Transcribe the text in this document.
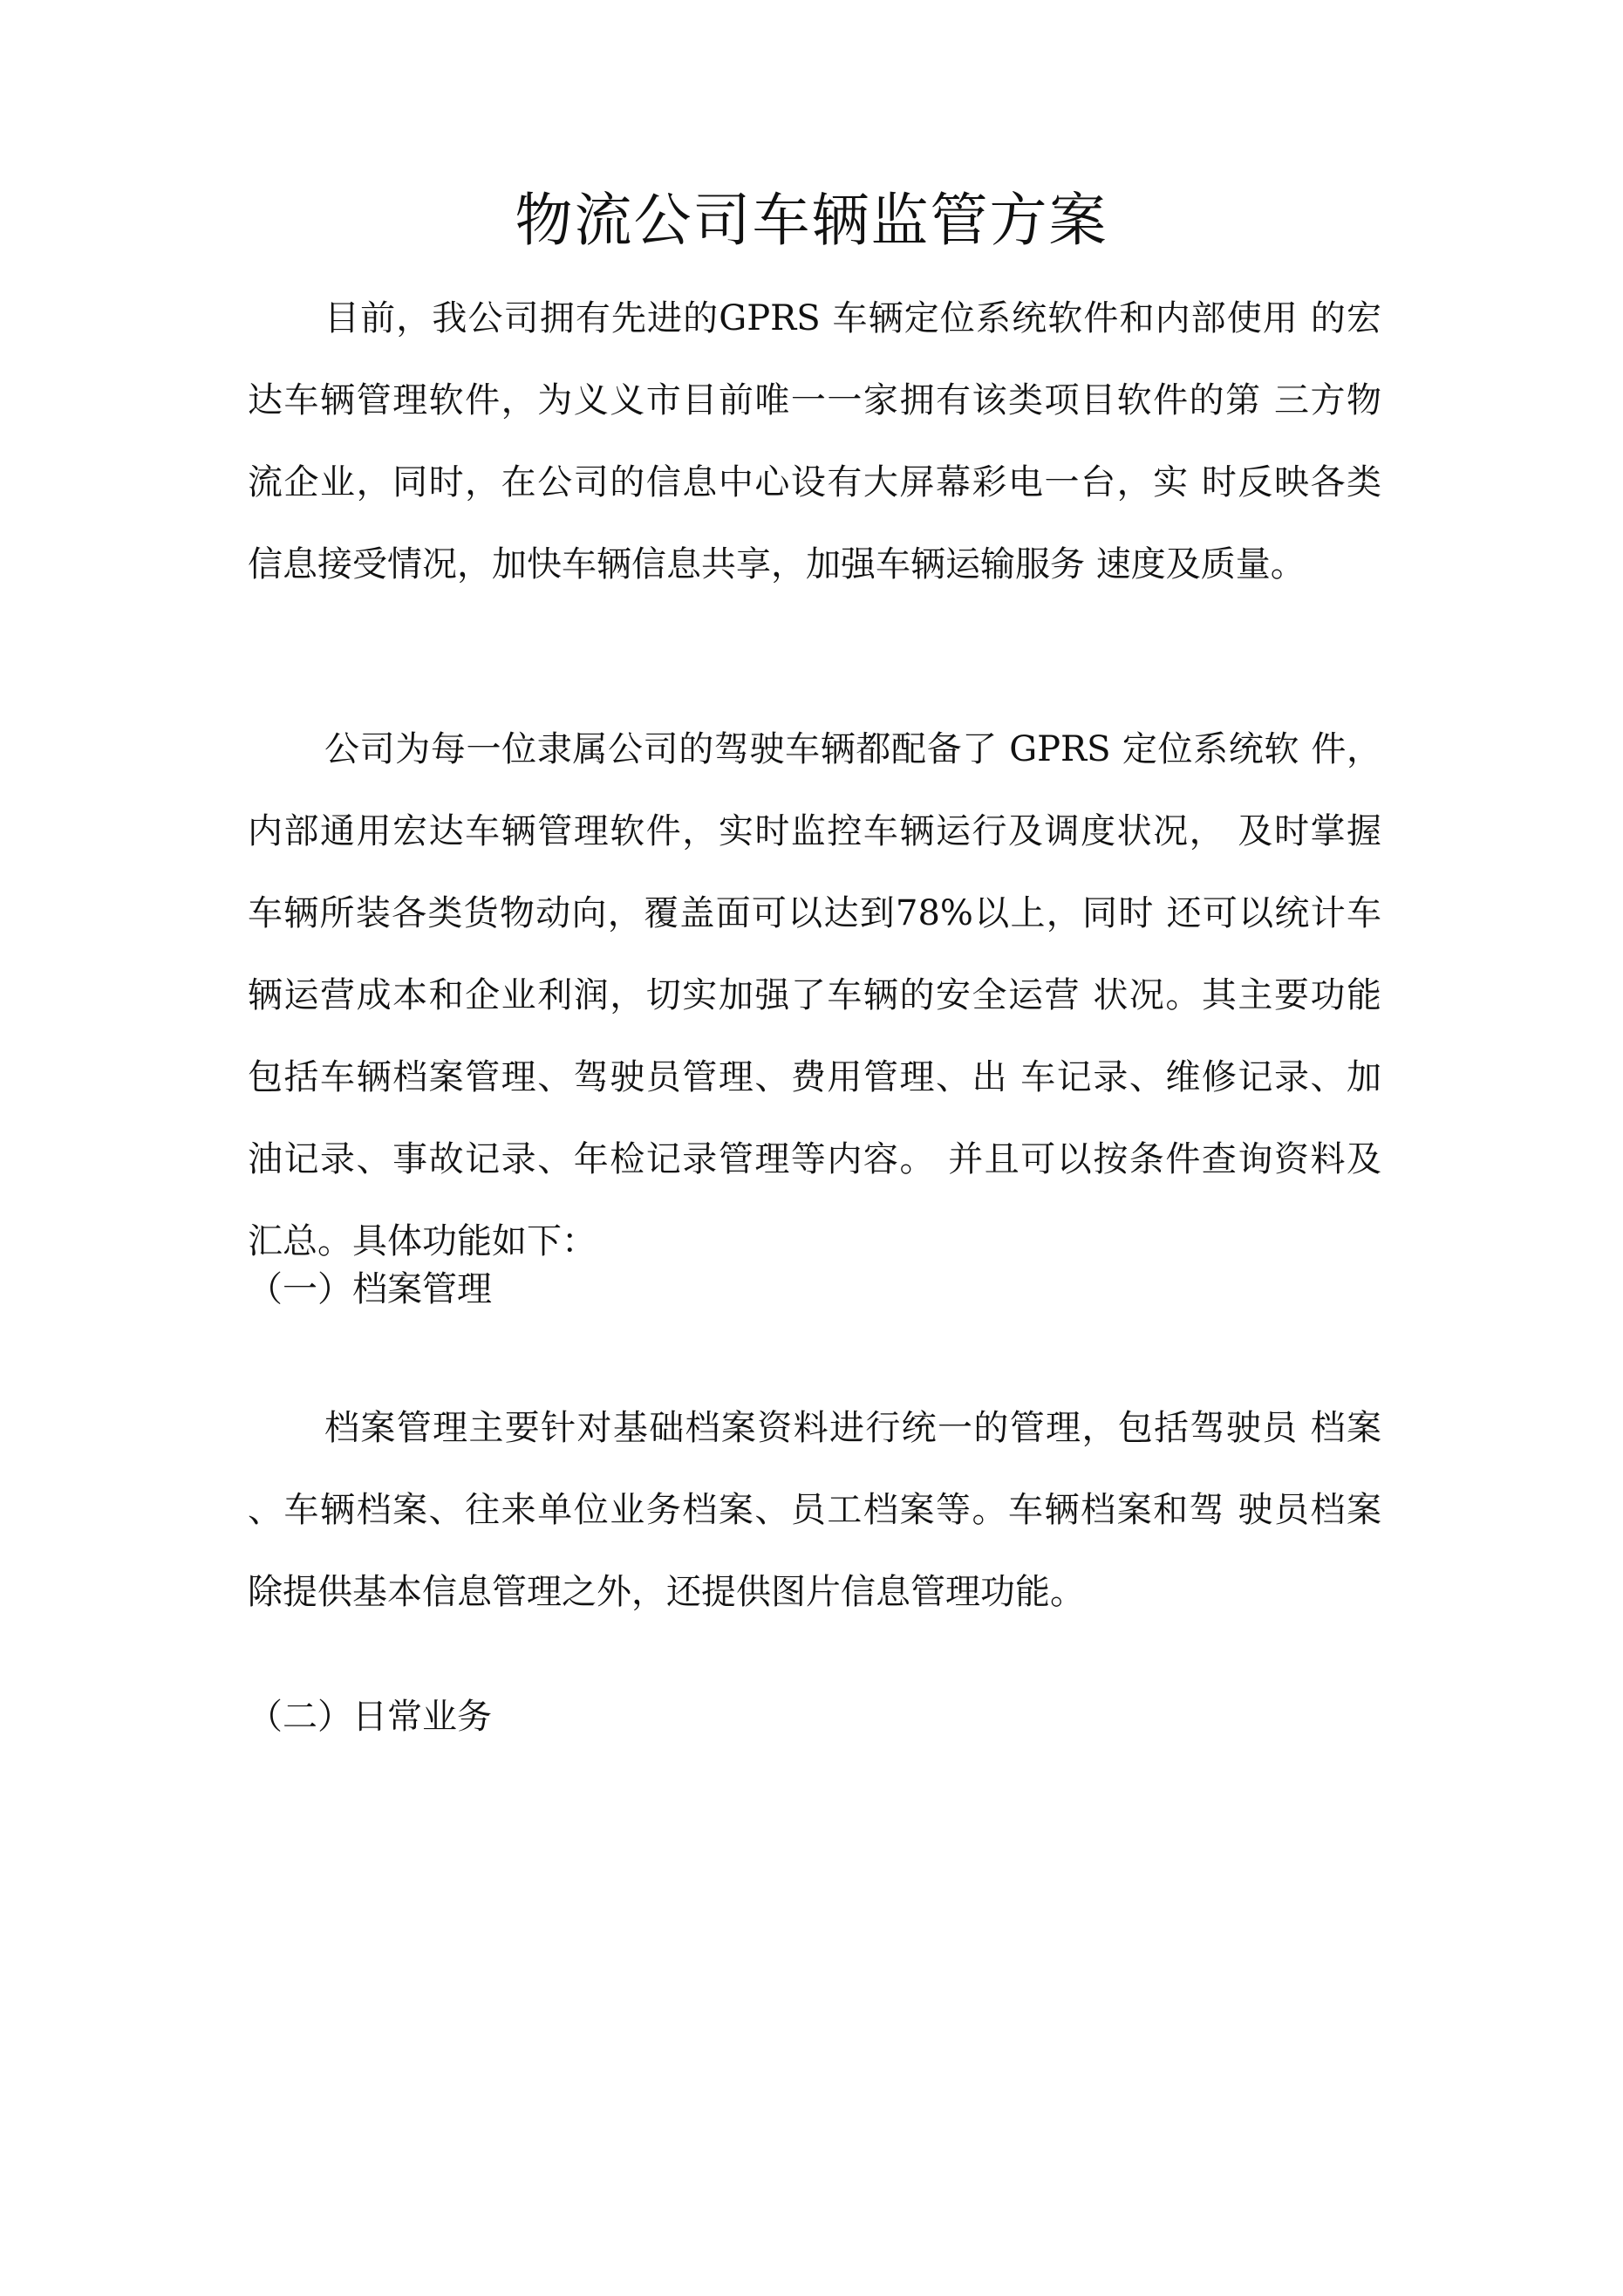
物流公司车辆监管方案
目前，我公司拥有先进的GPRS 车辆定位系统软件和内部使用 的宏
达车辆管理软件，为义义市目前唯一一家拥有该类项目软件的第 三方物
流企业，同时，在公司的信息中心设有大屏幕彩电一台，实 时反映各类
信息接受情况，加快车辆信息共享，加强车辆运输服务 速度及质量。
公司为每一位隶属公司的驾驶车辆都配备了 GPRS 定位系统软 件，
内部通用宏达车辆管理软件，实时监控车辆运行及调度状况， 及时掌握
车辆所装各类货物动向，覆盖面可以达到78%以上，同时 还可以统计车
辆运营成本和企业利润，切实加强了车辆的安全运营 状况。其主要功能
包括车辆档案管理、驾驶员管理、费用管理、出 车记录、维修记录、加
油记录、事故记录、年检记录管理等内容。 并且可以按条件查询资料及
汇总。具体功能如下：
（一）档案管理
档案管理主要针对基础档案资料进行统一的管理，包括驾驶员 档案
、车辆档案、往来单位业务档案、员工档案等。车辆档案和驾 驶员档案
除提供基本信息管理之外，还提供图片信息管理功能。
（二）日常业务
